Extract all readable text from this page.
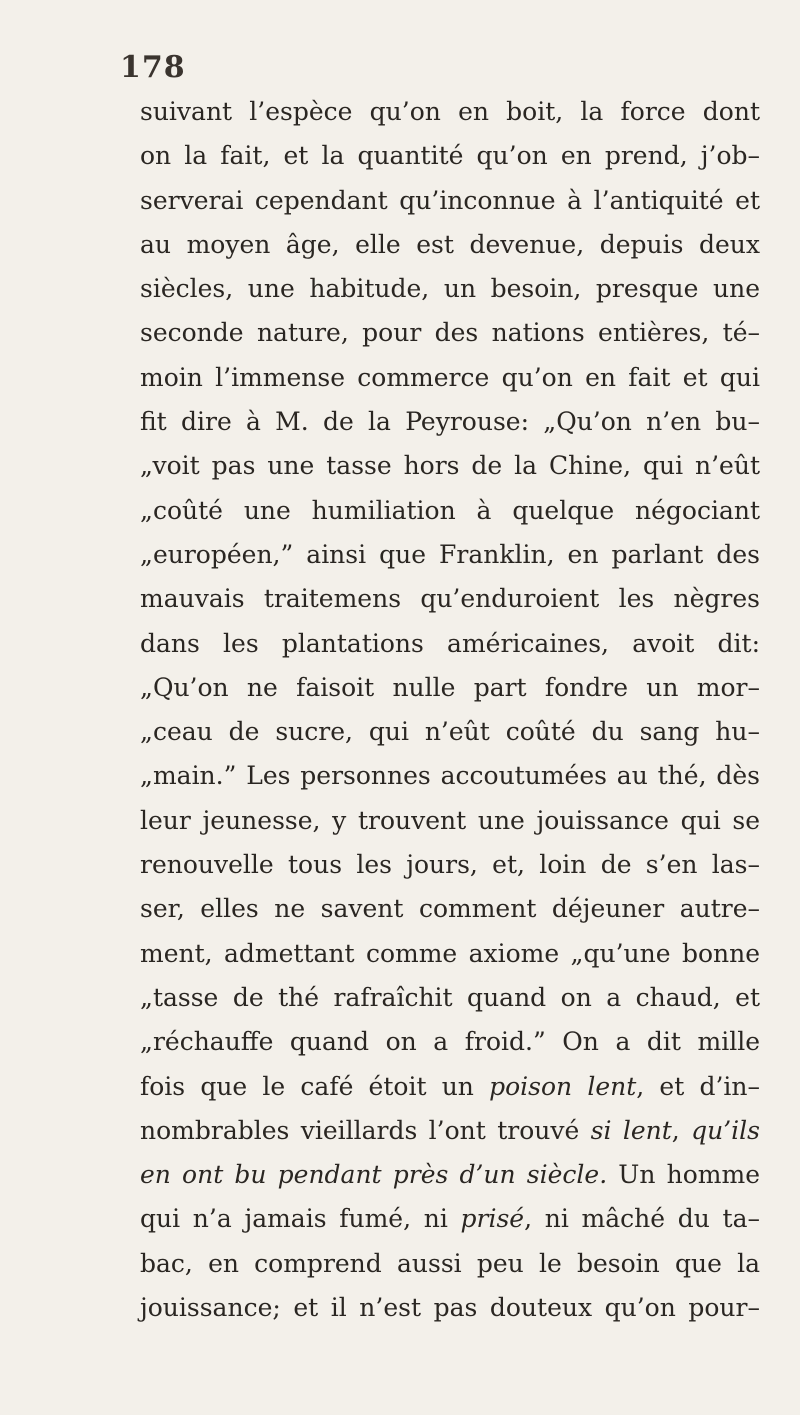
178
suivant l’espèce qu’on en boit, la force dont
on la fait, et la quantité qu’on en prend, j’ob–
serverai cependant qu’inconnue à l’antiquité et
au moyen âge, elle est devenue, depuis deux
siècles, une habitude, un besoin, presque une
seconde nature, pour des nations entières, té–
moin l’immense commerce qu’on en fait et qui
fit dire à M. de la Peyrouse: „Qu’on n’en bu–
„voit pas une tasse hors de la Chine, qui n’eût
„coûté une humiliation à quelque négociant
„européen,” ainsi que Franklin, en parlant des
mauvais traitemens qu’enduroient les nègres
dans les plantations américaines, avoit dit:
„Qu’on ne faisoit nulle part fondre un mor–
„ceau de sucre, qui n’eût coûté du sang hu–
„main.” Les personnes accoutumées au thé, dès
leur jeunesse, y trouvent une jouissance qui se
renouvelle tous les jours, et, loin de s’en las–
ser, elles ne savent comment déjeuner autre–
ment, admettant comme axiome „qu’une bonne
„tasse de thé rafraîchit quand on a chaud, et
„réchauffe quand on a froid.” On a dit mille
fois que le café étoit un poison lent, et d’in–
nombrables vieillards l’ont trouvé si lent, qu’ils
en ont bu pendant près d’un siècle. Un homme
qui n’a jamais fumé, ni prisé, ni mâché du ta–
bac, en comprend aussi peu le besoin que la
jouissance; et il n’est pas douteux qu’on pour–
